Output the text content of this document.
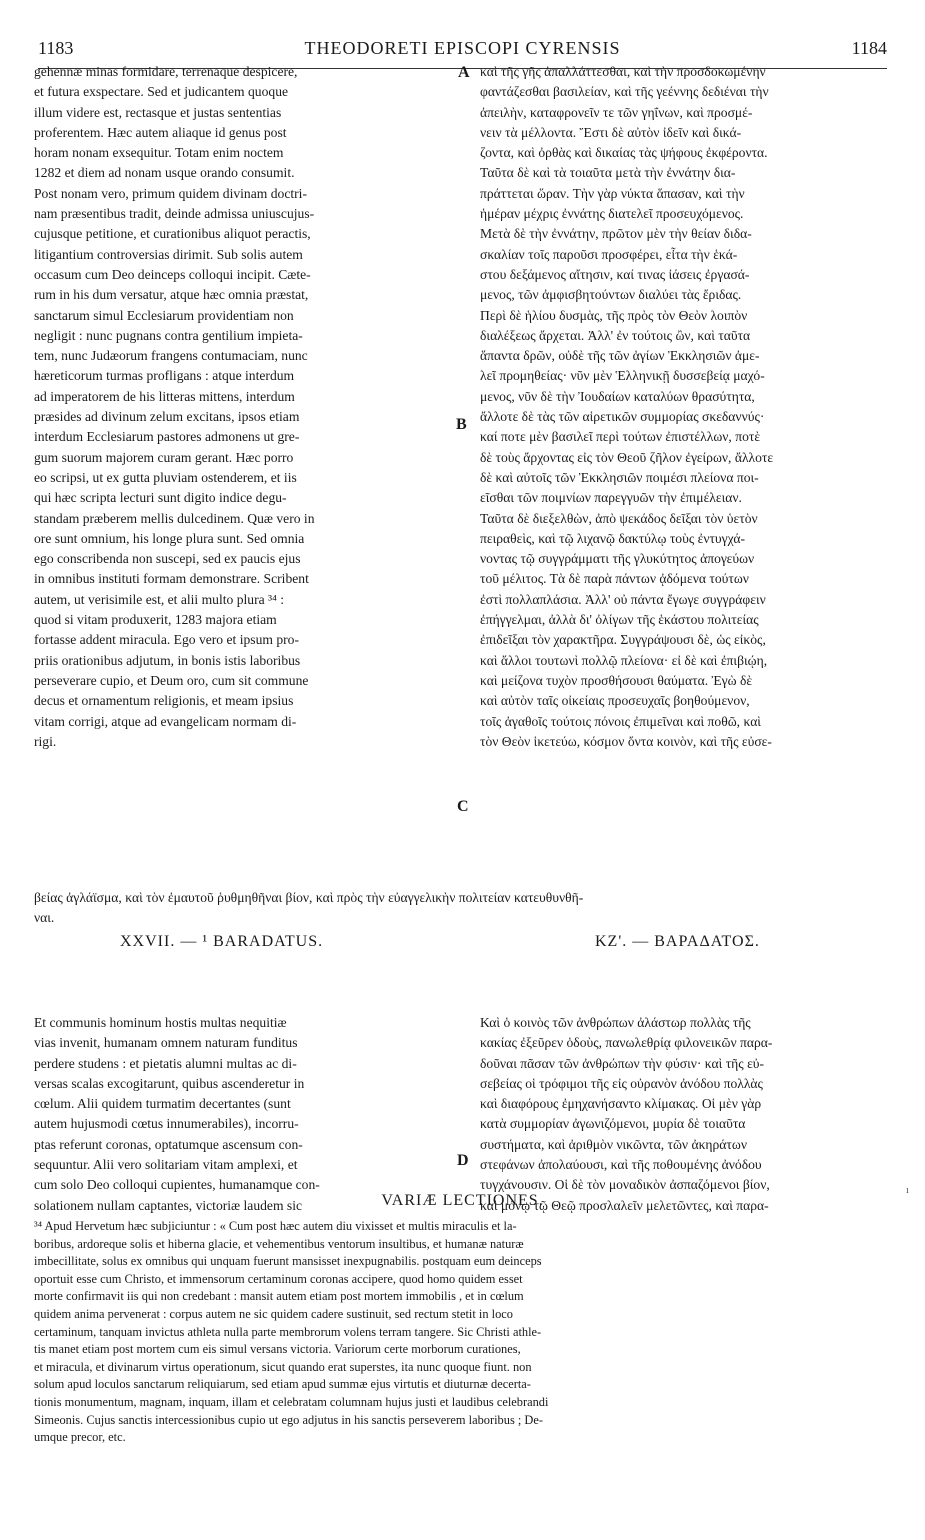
1183	THEODORETI EPISCOPI CYRENSIS	1184
A
B
C
D
gehennæ minas formidare, terrenaque despicere,
et futura exspectare. Sed et judicantem quoque
illum videre est, rectasque et justas sententias
proferentem. Hæc autem aliaque id genus post
horam nonam exsequitur. Totam enim noctem
1282 et diem ad nonam usque orando consumit.
Post nonam vero, primum quidem divinam doctri-
nam præsentibus tradit, deinde admissa uniuscujus-
cujusque petitione, et curationibus aliquot peractis,
litigantium controversias dirimit. Sub solis autem
occasum cum Deo deinceps colloqui incipit. Cæte-
rum in his dum versatur, atque hæc omnia præstat,
sanctarum simul Ecclesiarum providentiam non
negligit : nunc pugnans contra gentilium impieta-
tem, nunc Judæorum frangens contumaciam, nunc
hæreticorum turmas profligans : atque interdum
ad imperatorem de his litteras mittens, interdum
præsides ad divinum zelum excitans, ipsos etiam
interdum Ecclesiarum pastores admonens ut gre-
gum suorum majorem curam gerant. Hæc porro
eo scripsi, ut ex gutta pluviam ostenderem, et iis
qui hæc scripta lecturi sunt digito indice degu-
standam præberem mellis dulcedinem. Quæ vero in
ore sunt omnium, his longe plura sunt. Sed omnia
ego conscribenda non suscepi, sed ex paucis ejus
in omnibus instituti formam demonstrare. Scribent
autem, ut verisimile est, et alii multo plura ³⁴ :
quod si vitam produxerit, 1283 majora etiam
fortasse addent miracula. Ego vero et ipsum pro-
priis orationibus adjutum, in bonis istis laboribus
perseverare cupio, et Deum oro, cum sit commune
decus et ornamentum religionis, et meam ipsius
vitam corrigi, atque ad evangelicam normam di-
rigi.
καὶ τῆς γῆς ἀπαλλάττεσθαι, καὶ τὴν προσδοκωμένην
φαντάζεσθαι βασιλείαν, καὶ τῆς γεέννης δεδιέναι τὴν
ἀπειλὴν, καταφρονεῖν τε τῶν γηΐνων, καὶ προσμέ-
νειν τὰ μέλλοντα. Ἔστι δὲ αὐτὸν ἰδεῖν καὶ δικά-
ζοντα, καὶ ὀρθὰς καὶ δικαίας τὰς ψήφους ἐκφέροντα.
Ταῦτα δὲ καὶ τὰ τοιαῦτα μετὰ τὴν ἐννάτην δια-
πράττεται ὥραν. Τὴν γὰρ νύκτα ἅπασαν, καὶ τὴν
ἡμέραν μέχρις ἐννάτης διατελεῖ προσευχόμενος.
Μετὰ δὲ τὴν ἐννάτην, πρῶτον μὲν τὴν θείαν διδα-
σκαλίαν τοῖς παροῦσι προσφέρει, εἶτα τὴν ἑκά-
στου δεξάμενος αἴτησιν, καί τινας ἰάσεις ἐργασά-
μενος, τῶν ἀμφισβητούντων διαλύει τὰς ἔριδας.
Περὶ δὲ ἡλίου δυσμὰς, τῆς πρὸς τὸν Θεὸν λοιπὸν
διαλέξεως ἄρχεται. Ἀλλ' ἐν τούτοις ὢν, καὶ ταῦτα
ἅπαντα δρῶν, οὐδὲ τῆς τῶν ἁγίων Ἐκκλησιῶν ἀμε-
λεῖ προμηθείας· νῦν μὲν Ἑλληνικῇ δυσσεβείᾳ μαχό-
μενος, νῦν δὲ τὴν Ἰουδαίων καταλύων θρασύτητα,
ἄλλοτε δὲ τὰς τῶν αἱρετικῶν συμμορίας σκεδαννύς·
καί ποτε μὲν βασιλεῖ περὶ τούτων ἐπιστέλλων, ποτὲ
δὲ τοὺς ἄρχοντας εἰς τὸν Θεοῦ ζῆλον ἐγείρων, ἄλλοτε
δὲ καὶ αὐτοῖς τῶν Ἐκκλησιῶν ποιμέσι πλείονα ποι-
εῖσθαι τῶν ποιμνίων παρεγγυῶν τὴν ἐπιμέλειαν.
Ταῦτα δὲ διεξελθὼν, ἀπὸ ψεκάδος δεῖξαι τὸν ὑετὸν
πειραθεὶς, καὶ τῷ λιχανῷ δακτύλῳ τοὺς ἐντυγχά-
νοντας τῷ συγγράμματι τῆς γλυκύτητος ἀπογεύων
τοῦ μέλιτος. Τὰ δὲ παρὰ πάντων ᾀδόμενα τούτων
ἐστὶ πολλαπλάσια. Ἀλλ' οὐ πάντα ἔγωγε συγγράφειν
ἐπήγγελμαι, ἀλλὰ δι' ὀλίγων τῆς ἑκάστου πολιτείας
ἐπιδεῖξαι τὸν χαρακτῆρα. Συγγράψουσι δὲ, ὡς εἰκὸς,
καὶ ἄλλοι τουτωνὶ πολλῷ πλείονα· εἰ δὲ καὶ ἐπιβιῴη,
καὶ μείζονα τυχὸν προσθήσουσι θαύματα. Ἐγὼ δὲ
καὶ αὐτὸν ταῖς οἰκείαις προσευχαῖς βοηθούμενον,
τοῖς ἀγαθοῖς τούτοις πόνοις ἐπιμεῖναι καὶ ποθῶ, καὶ
τὸν Θεὸν ἱκετεύω, κόσμον ὄντα κοινὸν, καὶ τῆς εὐσε-
βείας ἀγλάϊσμα, καὶ τὸν ἐμαυτοῦ ῥυθμηθῆναι βίον, καὶ πρὸς τὴν εὐαγγελικὴν πολιτείαν κατευθυνθῆ-
ναι.
XXVII. — ¹ BARADATUS.	ΚΖ'. — ΒΑΡΑΔΑΤΟΣ.
Et communis hominum hostis multas nequitiæ
vias invenit, humanam omnem naturam funditus
perdere studens : et pietatis alumni multas ac di-
versas scalas excogitarunt, quibus ascenderetur in
cœlum. Alii quidem turmatim decertantes (sunt
autem hujusmodi cœtus innumerabiles), incorru-
ptas referunt coronas, optatumque ascensum con-
sequuntur. Alii vero solitariam vitam amplexi, et
cum solo Deo colloqui cupientes, humanamque con-
solationem nullam captantes, victoriæ laudem sic
Καὶ ὁ κοινὸς τῶν ἀνθρώπων ἀλάστωρ πολλὰς τῆς
κακίας ἐξεῦρεν ὁδοὺς, πανωλεθρίᾳ φιλονεικῶν παρα-
δοῦναι πᾶσαν τῶν ἀνθρώπων τὴν φύσιν· καὶ τῆς εὐ-
σεβείας οἱ τρόφιμοι τῆς εἰς οὐρανὸν ἀνόδου πολλὰς
καὶ διαφόρους ἐμηχανήσαντο κλίμακας. Οἱ μὲν γὰρ
κατὰ συμμορίαν ἀγωνιζόμενοι, μυρία δὲ τοιαῦτα
συστήματα, καὶ ἀριθμὸν νικῶντα, τῶν ἀκηράτων
στεφάνων ἀπολαύουσι, καὶ τῆς ποθουμένης ἀνόδου
τυγχάνουσιν. Οἱ δὲ τὸν μοναδικὸν ἀσπαζόμενοι βίον,
καὶ μόνῳ τῷ Θεῷ προσλαλεῖν μελετῶντες, καὶ παρα-
VARIÆ LECTIONES.
³⁴ Apud Hervetum hæc subjiciuntur : « Cum post hæc autem diu vixisset et multis miraculis et la-
boribus, ardoreque solis et hiberna glacie, et vehementibus ventorum insultibus, et humanæ naturæ
imbecillitate, solus ex omnibus qui unquam fuerunt mansisset inexpugnabilis. postquam eum deinceps
oportuit esse cum Christo, et immensorum certaminum coronas accipere, quod homo quidem esset
morte confirmavit iis qui non credebant : mansit autem etiam post mortem immobilis , et in cœlum
quidem anima pervenerat : corpus autem ne sic quidem cadere sustinuit, sed rectum stetit in loco
certaminum, tanquam invictus athleta nulla parte membrorum volens terram tangere. Sic Christi athle-
tis manet etiam post mortem cum eis simul versans victoria. Variorum certe morborum curationes,
et miracula, et divinarum virtus operationum, sicut quando erat superstes, ita nunc quoque fiunt. non
solum apud loculos sanctarum reliquiarum, sed etiam apud summæ ejus virtutis et diuturnæ decerta-
tionis monumentum, magnam, inquam, illam et celebratam columnam hujus justi et laudibus celebrandi
Simeonis. Cujus sanctis intercessionibus cupio ut ego adjutus in his sanctis perseverem laboribus ; De-
umque precor, etc.
ı
